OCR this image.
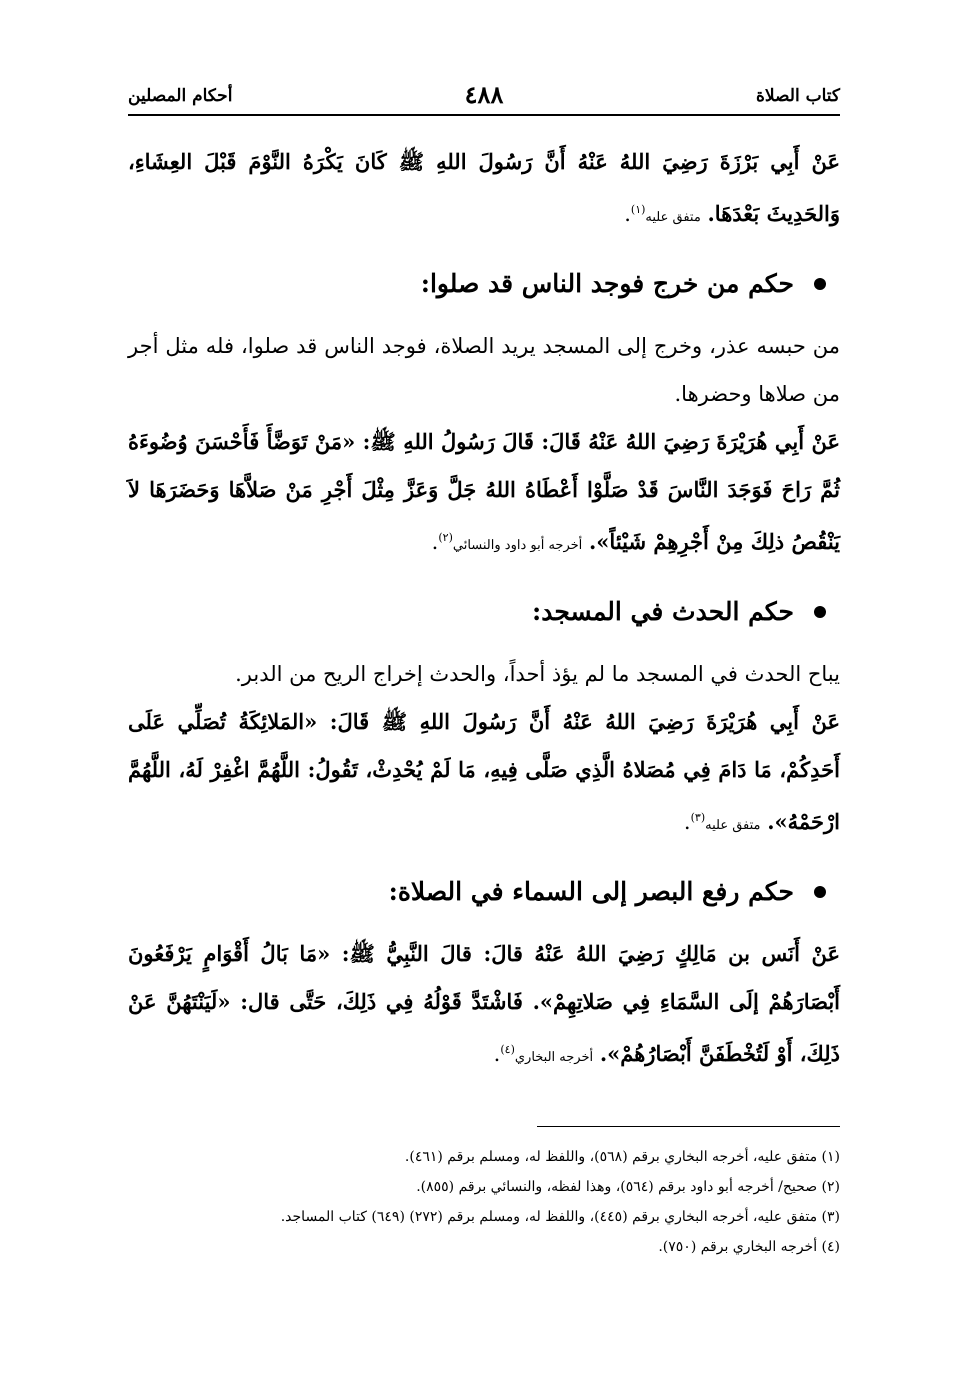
كتاب الصلاة
٤٨٨
أحكام المصلين

عَنْ أَبِي بَرْزَةَ رَضِيَ اللهُ عَنْهُ أَنَّ رَسُولَ اللهِ ﷺ كَانَ يَكْرَهُ النَّوْمَ قَبْلَ العِشَاءِ، وَالحَدِيثَ بَعْدَهَا. متفق عليه$^{(١)}$.

حكم من خرج فوجد الناس قد صلوا:

من حبسه عذر، وخرج إلى المسجد يريد الصلاة، فوجد الناس قد صلوا، فله مثل أجر من صلاها وحضرها.

عَنْ أَبِي هُرَيْرَةَ رَضِيَ اللهُ عَنْهُ قَالَ: قَالَ رَسُولُ اللهِ ﷺ: «مَنْ تَوَضَّأَ فَأَحْسَنَ وُضُوءَهُ ثُمَّ رَاحَ فَوَجَدَ النَّاسَ قَدْ صَلَّوْا أَعْطَاهُ اللهُ جَلَّ وَعَزَّ مِثْلَ أَجْرِ مَنْ صَلاَّهَا وَحَضَرَهَا لاَ يَنْقُصُ ذلِكَ مِنْ أَجْرِهِمْ شَيْئاً». أخرجه أبو داود والنسائي$^{(٢)}$.

حكم الحدث في المسجد:

يباح الحدث في المسجد ما لم يؤذ أحداً، والحدث إخراج الريح من الدبر.

عَنْ أَبِي هُرَيْرَةَ رَضِيَ اللهُ عَنْهُ أَنَّ رَسُولَ اللهِ ﷺ قَالَ: «المَلائِكَةُ تُصَلِّي عَلَى أَحَدِكُمْ، مَا دَامَ فِي مُصَلاهُ الَّذِي صَلَّى فِيهِ، مَا لَمْ يُحْدِثْ، تَقُولُ: اللَّهُمَّ اغْفِرْ لَهُ، اللَّهُمَّ ارْحَمْهُ». متفق عليه$^{(٣)}$.

حكم رفع البصر إلى السماء في الصلاة:

عَنْ أَنَس بن مَالِكٍ رَضِيَ اللهُ عَنْهُ قالَ: قالَ النَّبِيُّ ﷺ: «مَا بَالُ أَقْوَامٍ يَرْفَعُونَ أَبْصَارَهُمْ إلَى السَّمَاءِ فِي صَلاتِهِمْ». فَاشْتَدَّ قَوْلُهُ فِي ذَلِكَ، حَتَّى قال: «لَيَنْتَهُنَّ عَنْ ذَلِكَ، أَوْ لَتُخْطَفَنَّ أَبْصَارُهُمْ». أخرجه البخاري$^{(٤)}$.

(١) متفق عليه، أخرجه البخاري برقم (٥٦٨)، واللفظ له، ومسلم برقم (٤٦١).

(٢) صحيح/ أخرجه أبو داود برقم (٥٦٤)، وهذا لفظه، والنسائي برقم (٨٥٥).

(٣) متفق عليه، أخرجه البخاري برقم (٤٤٥)، واللفظ له، ومسلم برقم (٢٧٢) (٦٤٩) كتاب المساجد.

(٤) أخرجه البخاري برقم (٧٥٠).
